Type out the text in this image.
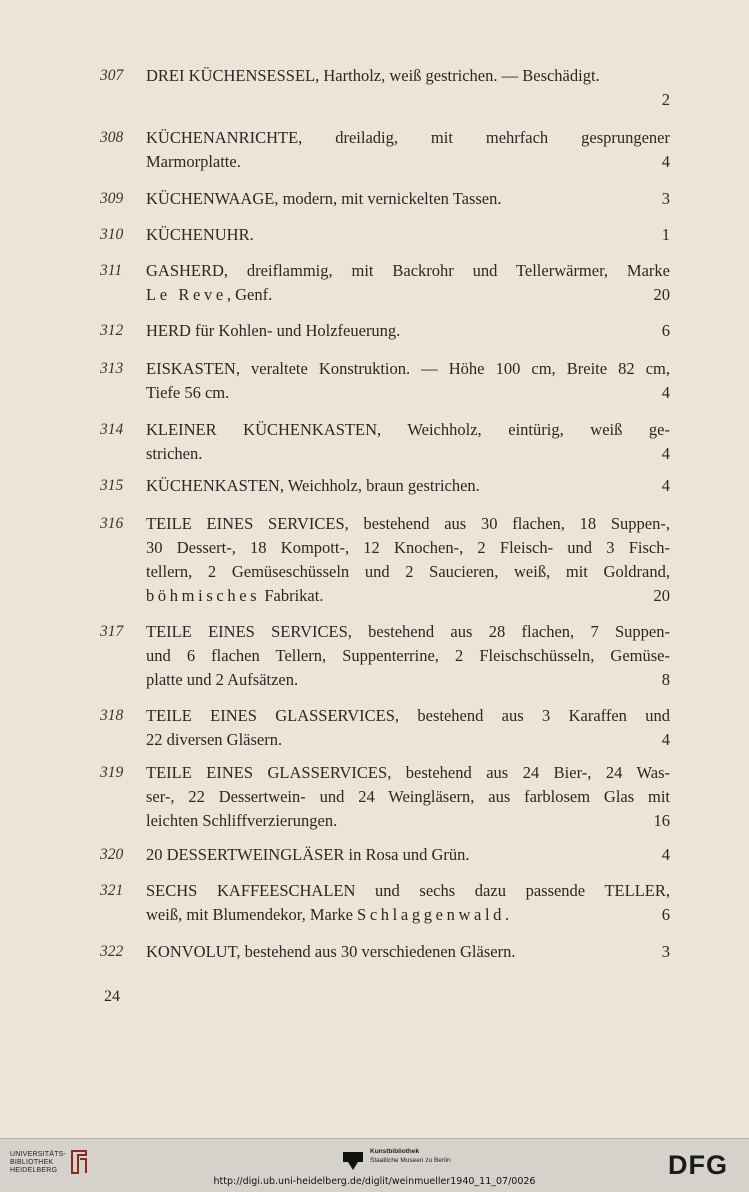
307	DREI KÜCHENSESSEL, Hartholz, weiß gestrichen. — Beschädigt.
2
308	KÜCHENANRICHTE, dreiladig, mit mehrfach gesprungener
Marmorplatte.	4
309	KÜCHENWAAGE, modern, mit vernickelten Tassen.	3
310	KÜCHENUHR.	1
311	GASHERD, dreiflammig, mit Backrohr und Tellerwärmer, Marke
Le Reve, Genf.	20
312	HERD für Kohlen- und Holzfeuerung.	6
313	EISKASTEN, veraltete Konstruktion. — Höhe 100 cm, Breite 82 cm,
Tiefe 56 cm.	4
314	KLEINER KÜCHENKASTEN, Weichholz, eintürig, weiß ge-
strichen.	4
315	KÜCHENKASTEN, Weichholz, braun gestrichen.	4
316	TEILE EINES SERVICES, bestehend aus 30 flachen, 18 Suppen-,
30 Dessert-, 18 Kompott-, 12 Knochen-, 2 Fleisch- und 3 Fisch-
tellern, 2 Gemüseschüsseln und 2 Saucieren, weiß, mit Goldrand,
böhmisches Fabrikat.	20
317	TEILE EINES SERVICES, bestehend aus 28 flachen, 7 Suppen-
und 6 flachen Tellern, Suppenterrine, 2 Fleischschüsseln, Gemüse-
platte und 2 Aufsätzen.	8
318	TEILE EINES GLASSERVICES, bestehend aus 3 Karaffen und
22 diversen Gläsern.	4
319	TEILE EINES GLASSERVICES, bestehend aus 24 Bier-, 24 Was-
ser-, 22 Dessertwein- und 24 Weingläsern, aus farblosem Glas mit
leichten Schliffverzierungen.	16
320	20 DESSERTWEINGLÄSER in Rosa und Grün.	4
321	SECHS KAFFEESCHALEN und sechs dazu passende TELLER,
weiß, mit Blumendekor, Marke Schlaggenwald.	6
322	KONVOLUT, bestehend aus 30 verschiedenen Gläsern.	3
24
UNIVERSITÄTS-
BIBLIOTHEK
HEIDELBERG
Kunstbibliothek
Staatliche Museen zu Berlin	DFG
http://digi.ub.uni-heidelberg.de/diglit/weinmueller1940_11_07/0026
